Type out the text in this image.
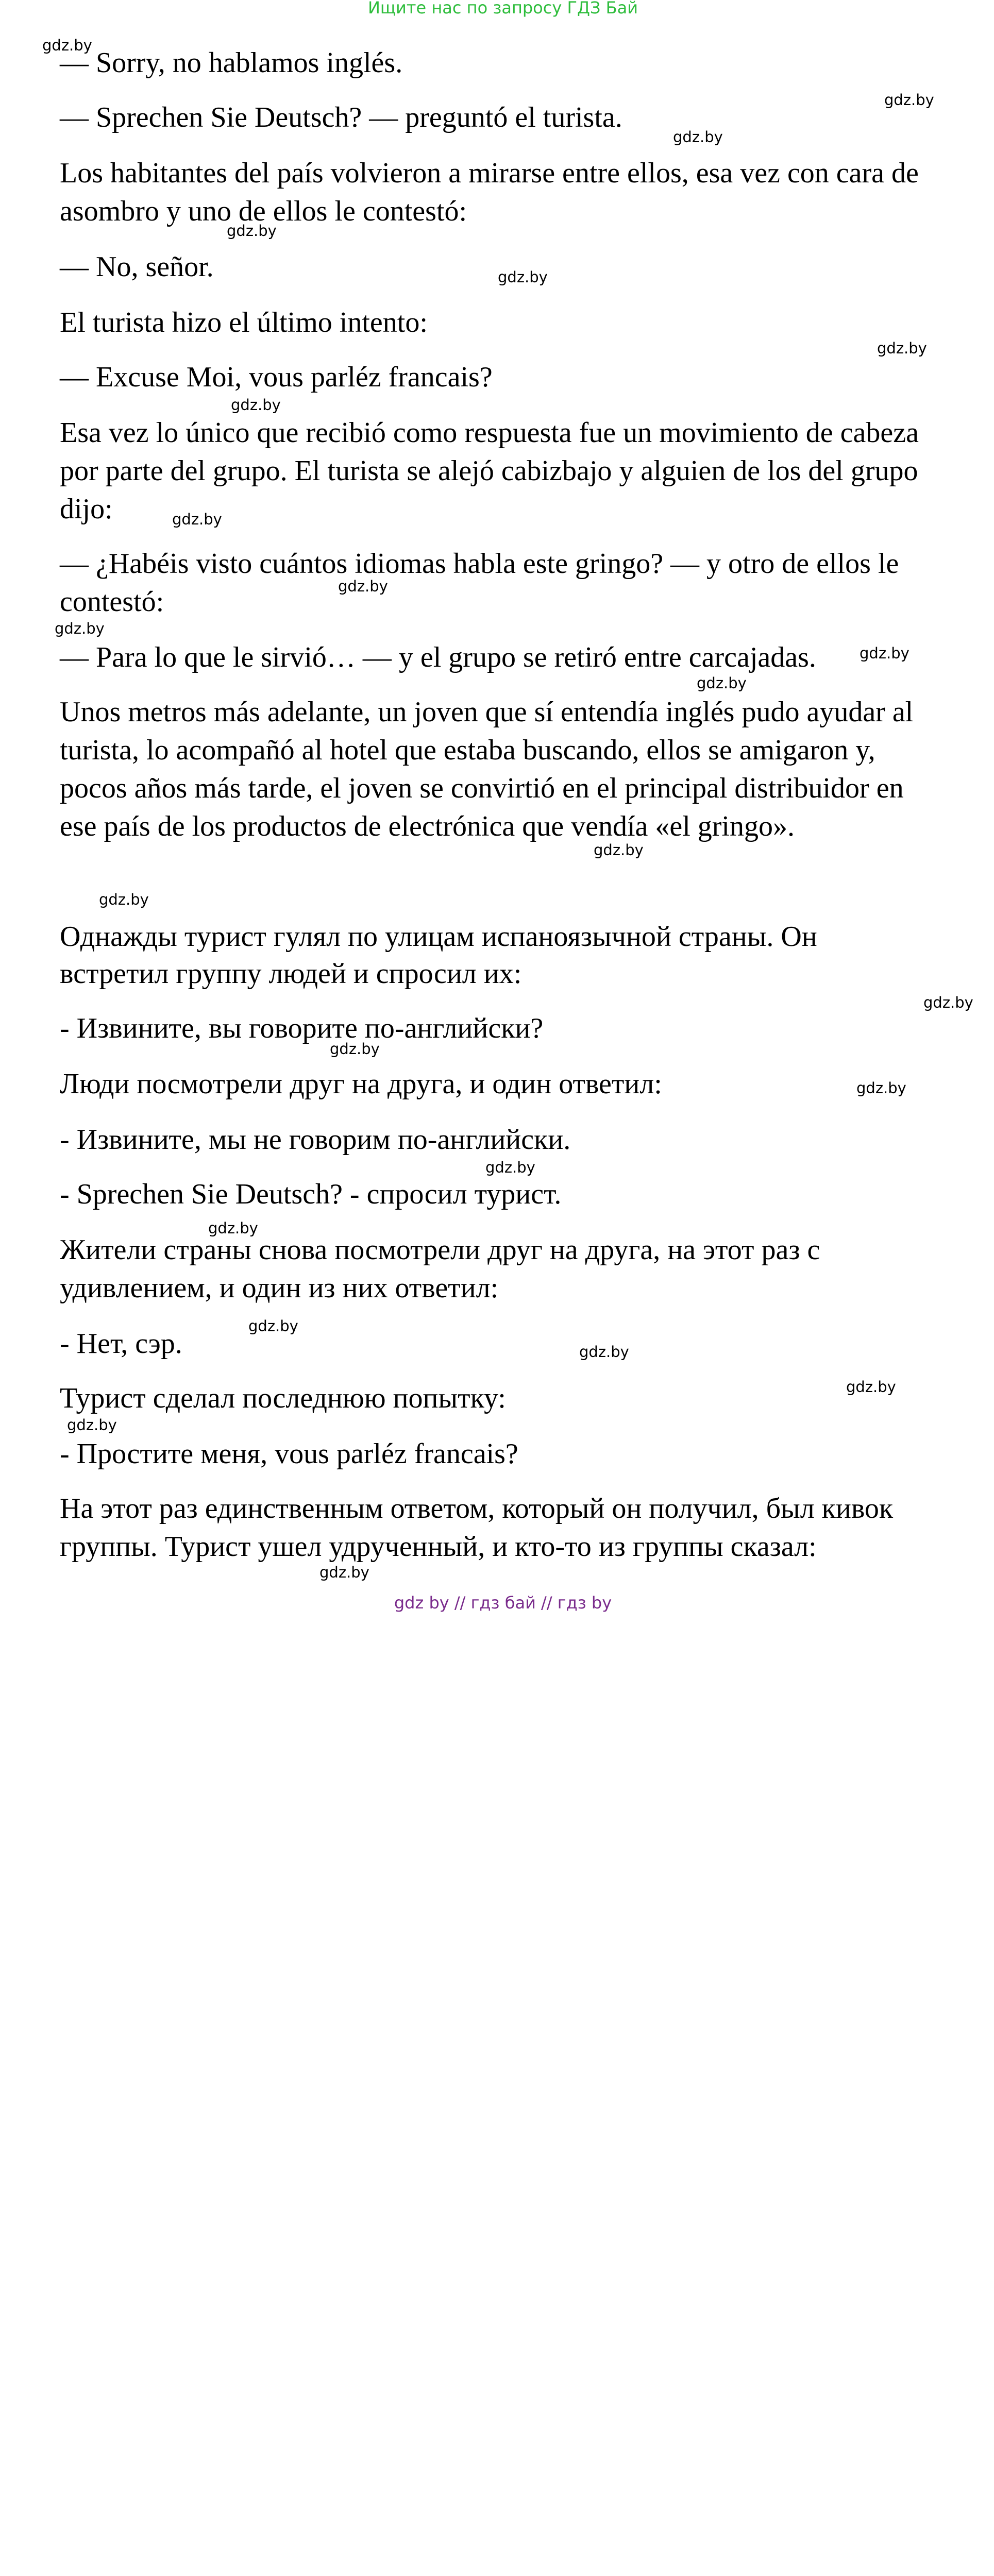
Ищите нас по запросу ГДЗ Бай

— Sorry, no hablamos inglés.

— Sprechen Sie Deutsch? — preguntó el turista.

Los habitantes del país volvieron a mirarse entre ellos, esa vez con cara de

asombro y uno de ellos le contestó:

— No, señor.

El turista hizo el último intento:

— Excuse Moi, vous parléz francais?

Esa vez lo único que recibió como respuesta fue un movimiento de cabeza

por parte del grupo. El turista se alejó cabizbajo y alguien de los del grupo

dijo:

— ¿Habéis visto cuántos idiomas habla este gringo? — y otro de ellos le

contestó:

— Para lo que le sirvió… — y el grupo se retiró entre carcajadas.

Unos metros más adelante, un joven que sí entendía inglés pudo ayudar al

turista, lo acompañó al hotel que estaba buscando, ellos se amigaron y,

pocos años más tarde, el joven se convirtió en el principal distribuidor en

ese país de los productos de electrónica que vendía «el gringo».

Однажды турист гулял по улицам испаноязычной страны. Он

встретил группу людей и спросил их:

- Извините, вы говорите по-английски?

Люди посмотрели друг на друга, и один ответил:

- Извините, мы не говорим по-английски.

- Sprechen Sie Deutsch? - спросил турист.

Жители страны снова посмотрели друг на друга, на этот раз с

удивлением, и один из них ответил:

- Нет, сэр.

Турист сделал последнюю попытку:

- Простите меня, vous parléz francais?

На этот раз единственным ответом, который он получил, был кивок

группы. Турист ушел удрученный, и кто-то из группы сказал:

gdz.by
gdz.by
gdz.by
gdz.by
gdz.by
gdz.by
gdz.by
gdz.by
gdz.by
gdz.by
gdz.by
gdz.by
gdz.by
gdz.by
gdz.by
gdz.by
gdz.by
gdz.by
gdz.by
gdz.by
gdz.by
gdz.by
gdz.by
gdz.by

gdz by // гдз бай // гдз by
